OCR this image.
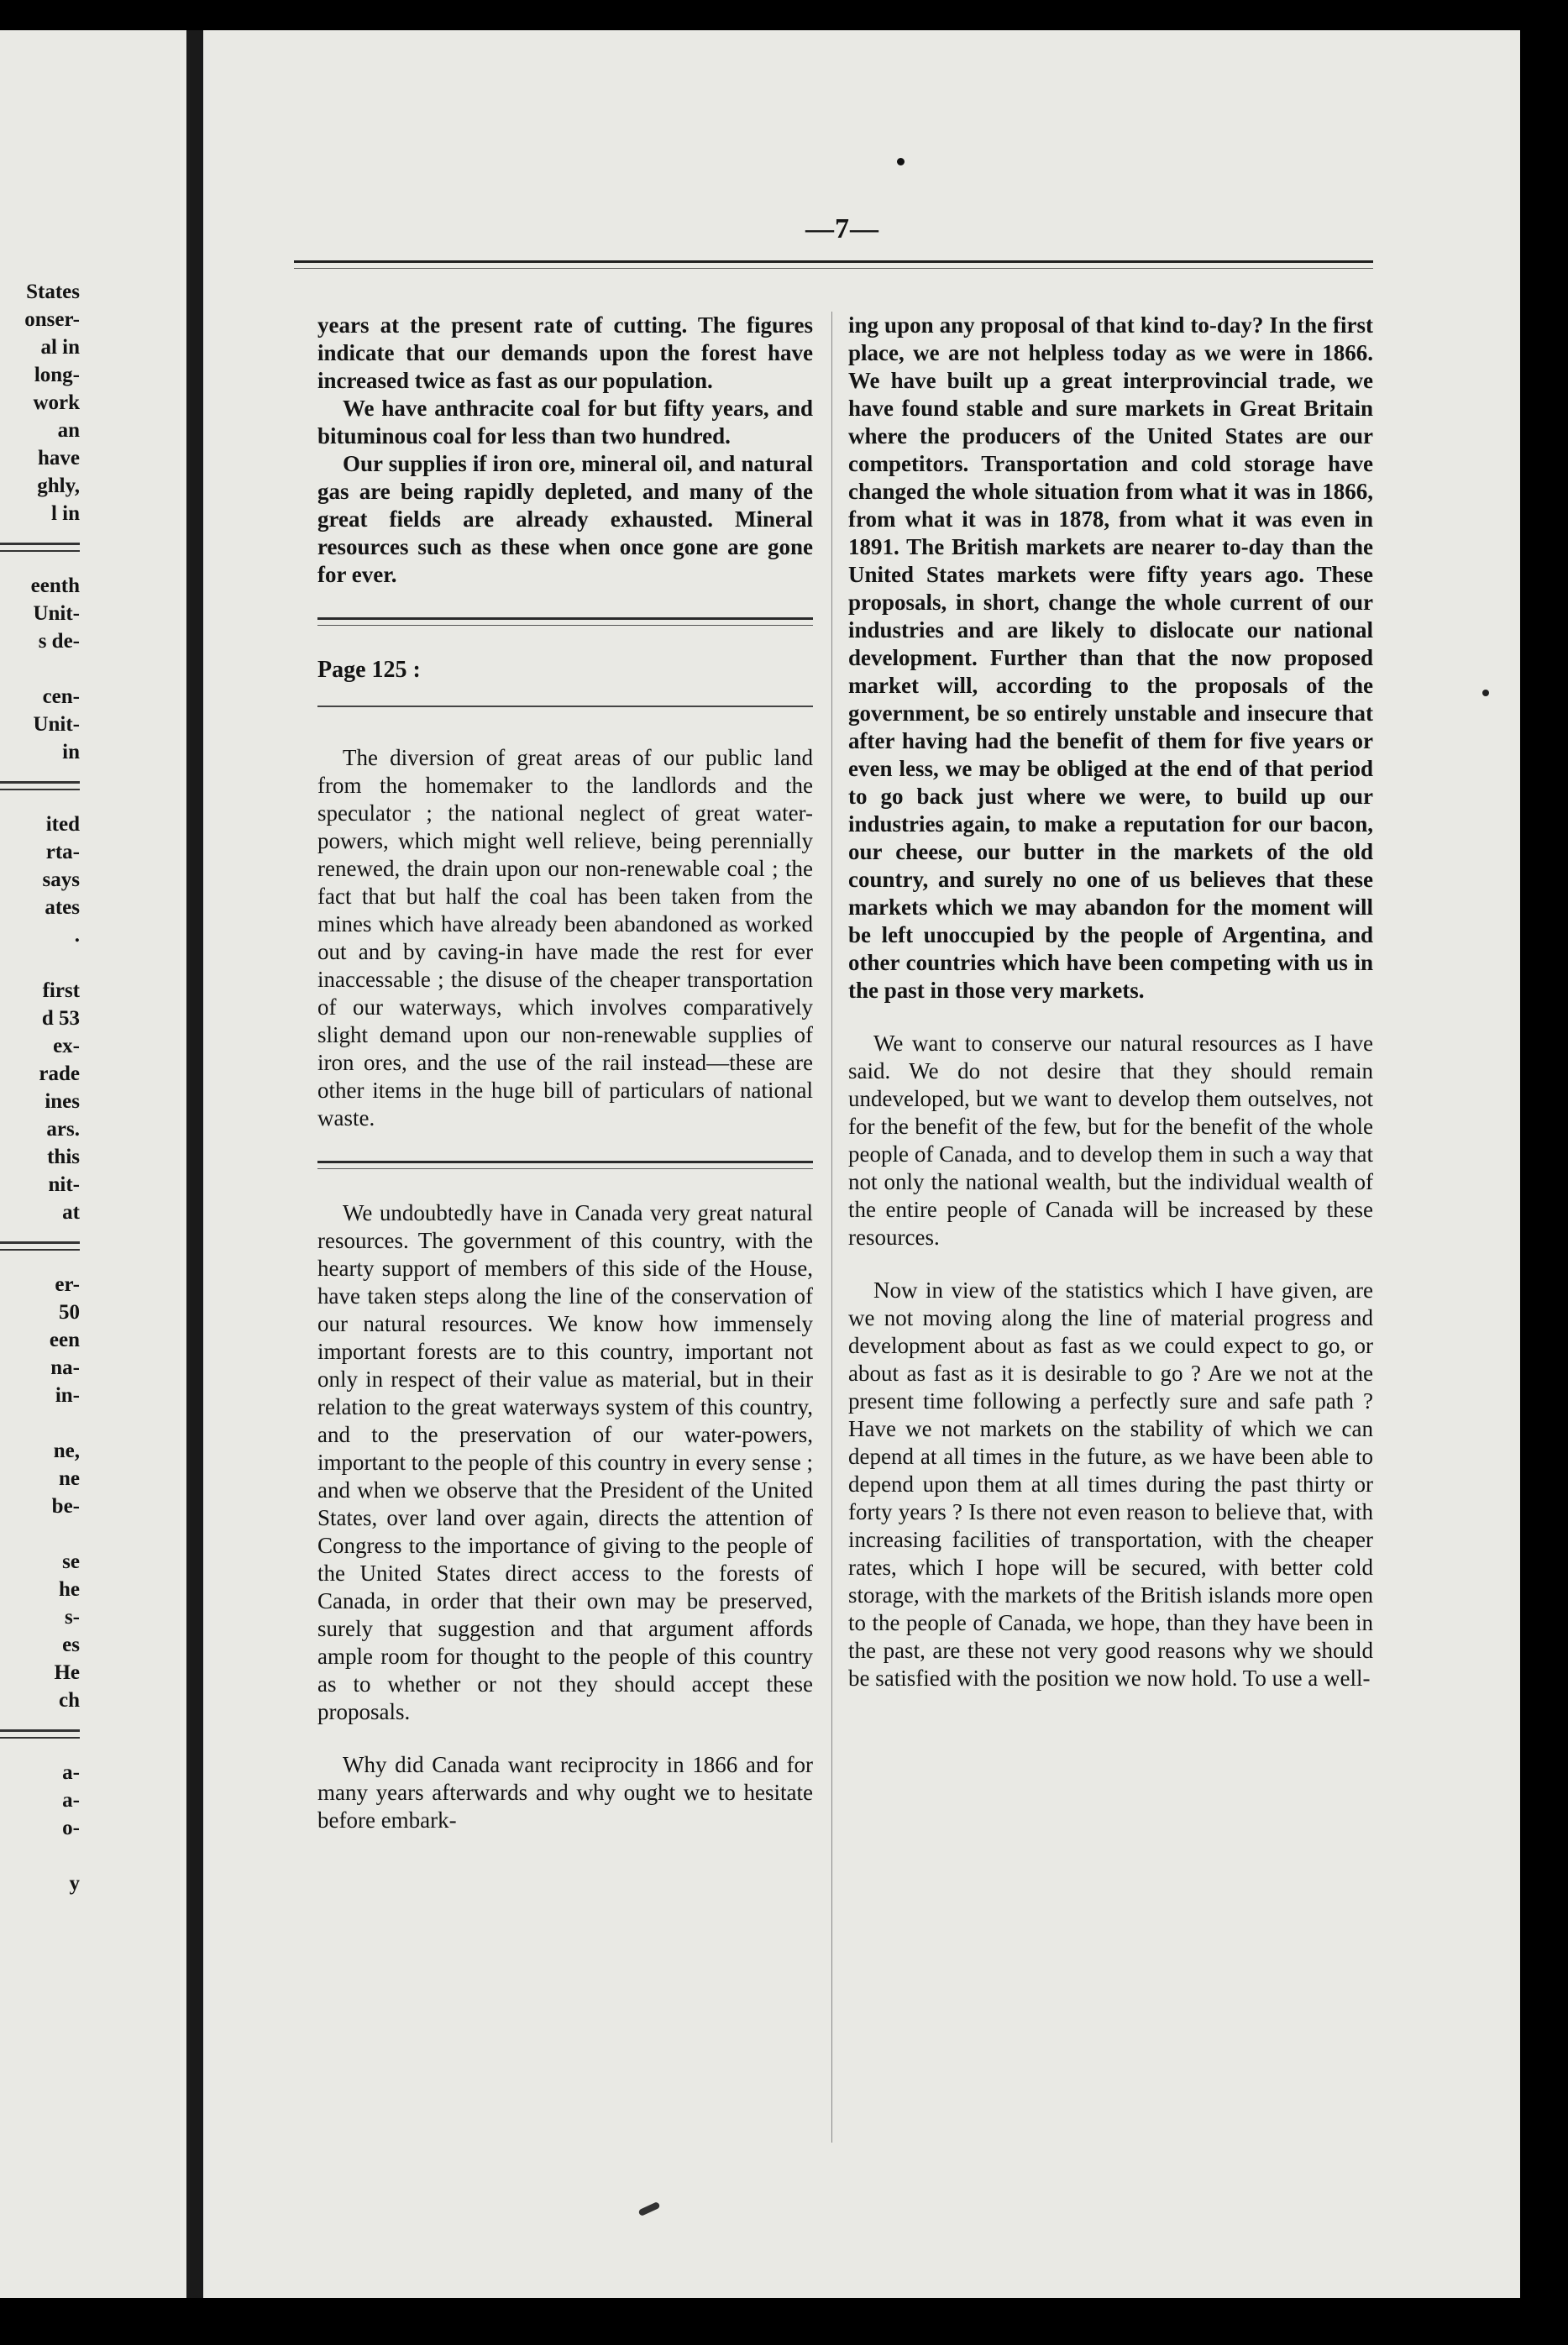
States
onser-
al in
long-
work
an
have
ghly,
l in
eenth
Unit-
s de-
cen-
Unit-
in
ited
rta-
says
ates
.
first
d 53
ex-
rade
ines
ars.
this
nit-
at
er-
50
een
na-
in-
ne,
ne
be-
se
he
s-
es
He
ch
a-
a-
o-
y
—7—

years at the present rate of cutting. The figures indicate that our demands upon the forest have increased twice as fast as our population.

We have anthracite coal for but fifty years, and bituminous coal for less than two hundred.

Our supplies if iron ore, mineral oil, and natural gas are being rapidly depleted, and many of the great fields are already exhausted. Mineral resources such as these when once gone are gone for ever.

Page 125 :

The diversion of great areas of our public land from the homemaker to the landlords and the speculator ; the national neglect of great water-powers, which might well relieve, being perennially renewed, the drain upon our non-renewable coal ; the fact that but half the coal has been taken from the mines which have already been abandoned as worked out and by caving-in have made the rest for ever inaccessable ; the disuse of the cheaper transportation of our waterways, which involves comparatively slight demand upon our non-renewable supplies of iron ores, and the use of the rail instead—these are other items in the huge bill of particulars of national waste.

We undoubtedly have in Canada very great natural resources. The government of this country, with the hearty support of members of this side of the House, have taken steps along the line of the conservation of our natural resources. We know how immensely important forests are to this country, important not only in respect of their value as material, but in their relation to the great waterways system of this country, and to the preservation of our water-powers, important to the people of this country in every sense ; and when we observe that the President of the United States, over land over again, directs the attention of Congress to the importance of giving to the people of the United States direct access to the forests of Canada, in order that their own may be preserved, surely that suggestion and that argument affords ample room for thought to the people of this country as to whether or not they should accept these proposals.

Why did Canada want reciprocity in 1866 and for many years afterwards and why ought we to hesitate before embark-

ing upon any proposal of that kind to-day? In the first place, we are not helpless today as we were in 1866. We have built up a great interprovincial trade, we have found stable and sure markets in Great Britain where the producers of the United States are our competitors. Transportation and cold storage have changed the whole situation from what it was in 1866, from what it was in 1878, from what it was even in 1891. The British markets are nearer to-day than the United States markets were fifty years ago. These proposals, in short, change the whole current of our industries and are likely to dislocate our national development. Further than that the now proposed market will, according to the proposals of the government, be so entirely unstable and insecure that after having had the benefit of them for five years or even less, we may be obliged at the end of that period to go back just where we were, to build up our industries again, to make a reputation for our bacon, our cheese, our butter in the markets of the old country, and surely no one of us believes that these markets which we may abandon for the moment will be left unoccupied by the people of Argentina, and other countries which have been competing with us in the past in those very markets.

We want to conserve our natural resources as I have said. We do not desire that they should remain undeveloped, but we want to develop them outselves, not for the benefit of the few, but for the benefit of the whole people of Canada, and to develop them in such a way that not only the national wealth, but the individual wealth of the entire people of Canada will be increased by these resources.

Now in view of the statistics which I have given, are we not moving along the line of material progress and development about as fast as we could expect to go, or about as fast as it is desirable to go ? Are we not at the present time following a perfectly sure and safe path ? Have we not markets on the stability of which we can depend at all times in the future, as we have been able to depend upon them at all times during the past thirty or forty years ? Is there not even reason to believe that, with increasing facilities of transportation, with the cheaper rates, which I hope will be secured, with better cold storage, with the markets of the British islands more open to the people of Canada, we hope, than they have been in the past, are these not very good reasons why we should be satisfied with the position we now hold. To use a well-
